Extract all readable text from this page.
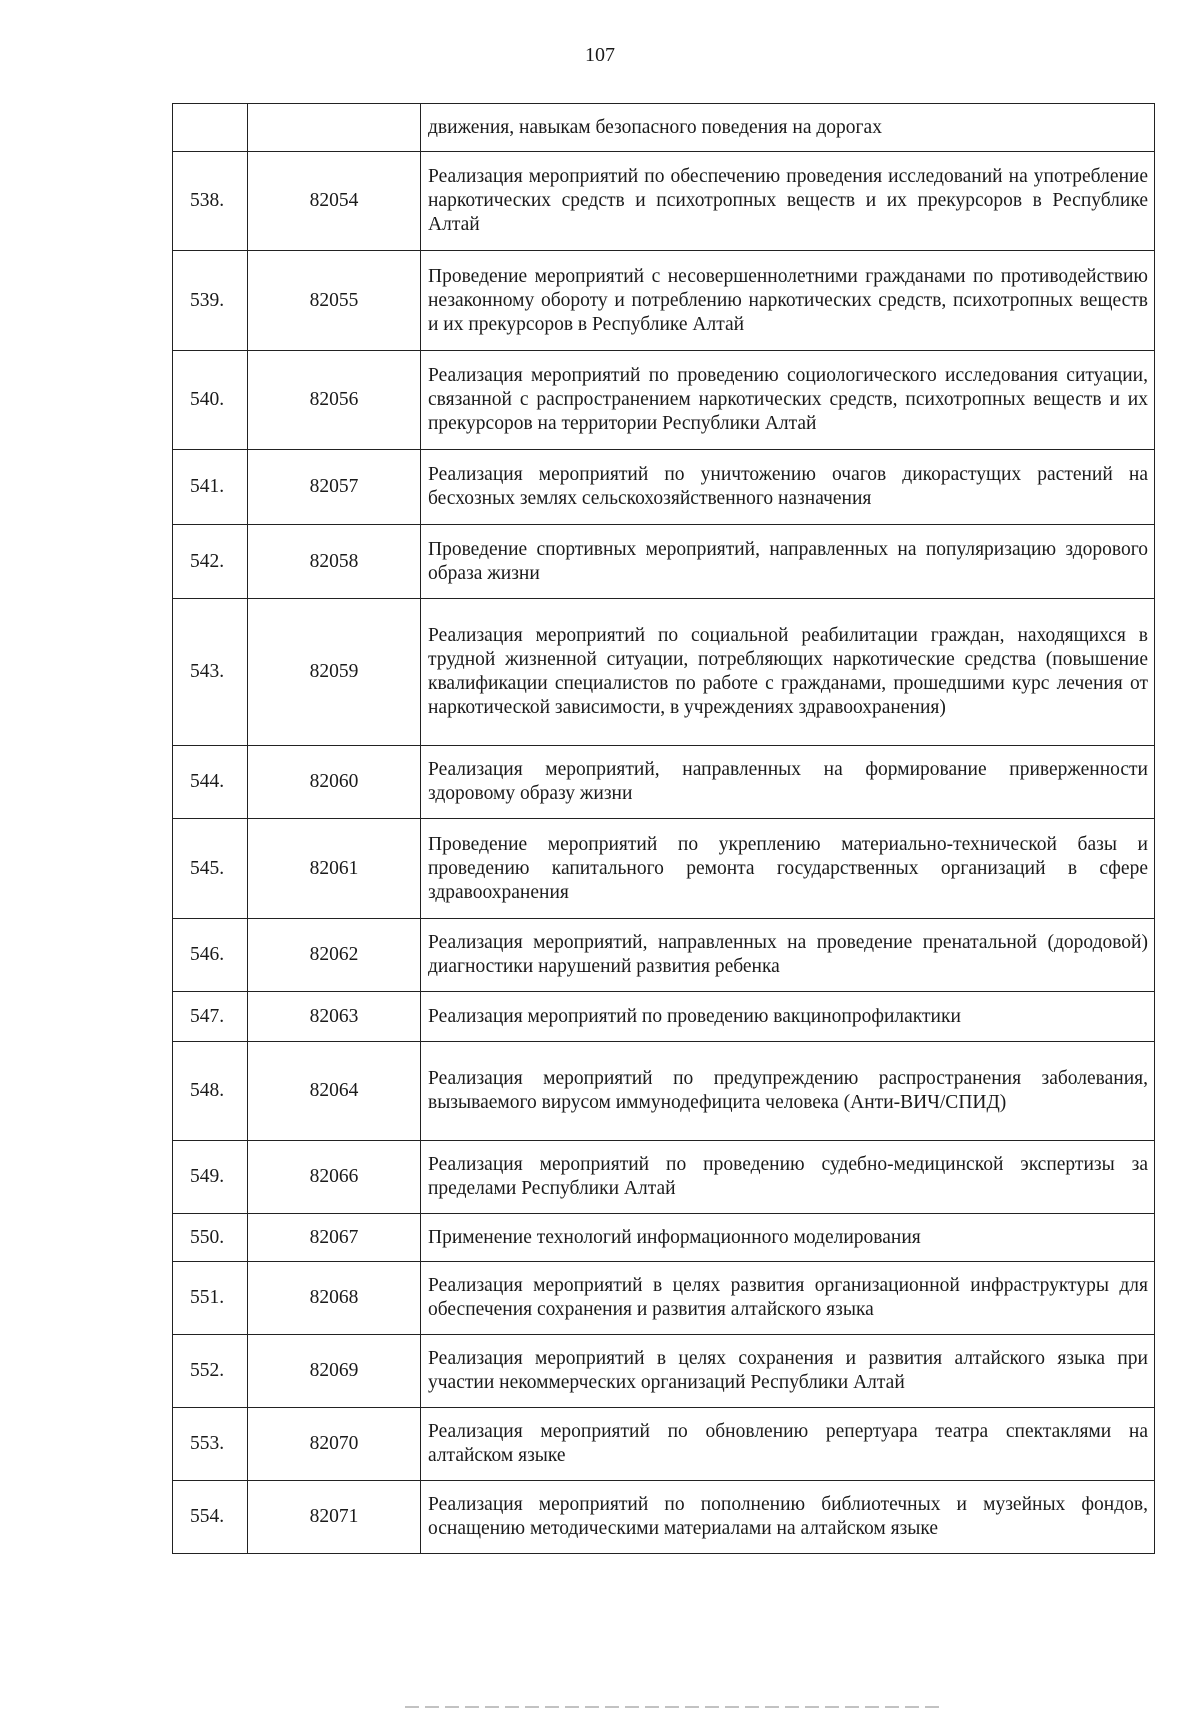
107
		движения, навыкам безопасного поведения на дорогах
538.	82054	Реализация мероприятий по обеспечению проведения исследований на употребление наркотических средств и психотропных веществ и их прекурсоров в Республике Алтай
539.	82055	Проведение мероприятий с несовершеннолетними гражданами по противодействию незаконному обороту и потреблению наркотических средств, психотропных веществ и их прекурсоров в Республике Алтай
540.	82056	Реализация мероприятий по проведению социологического исследования ситуации, связанной с распространением наркотических средств, психотропных веществ и их прекурсоров на территории Республики Алтай
541.	82057	Реализация мероприятий по уничтожению очагов дикорастущих растений на бесхозных землях сельскохозяйственного назначения
542.	82058	Проведение спортивных мероприятий, направленных на популяризацию здорового образа жизни
543.	82059	Реализация мероприятий по социальной реабилитации граждан, находящихся в трудной жизненной ситуации, потребляющих наркотические средства (повышение квалификации специалистов по работе с гражданами, прошедшими курс лечения от наркотической зависимости, в учреждениях здравоохранения)
544.	82060	Реализация мероприятий, направленных на формирование приверженности здоровому образу жизни
545.	82061	Проведение мероприятий по укреплению материально-технической базы и проведению капитального ремонта государственных организаций в сфере здравоохранения
546.	82062	Реализация мероприятий, направленных на проведение пренатальной (дородовой) диагностики нарушений развития ребенка
547.	82063	Реализация мероприятий по проведению вакцинопрофилактики
548.	82064	Реализация мероприятий по предупреждению распространения заболевания, вызываемого вирусом иммунодефицита человека (Анти-ВИЧ/СПИД)
549.	82066	Реализация мероприятий по проведению судебно-медицинской экспертизы за пределами Республики Алтай
550.	82067	Применение технологий информационного моделирования
551.	82068	Реализация мероприятий в целях развития организационной инфраструктуры для обеспечения сохранения и развития алтайского языка
552.	82069	Реализация мероприятий в целях сохранения и развития алтайского языка при участии некоммерческих организаций Республики Алтай
553.	82070	Реализация мероприятий по обновлению репертуара театра спектаклями на алтайском языке
554.	82071	Реализация мероприятий по пополнению библиотечных и музейных фондов, оснащению методическими материалами на алтайском языке
